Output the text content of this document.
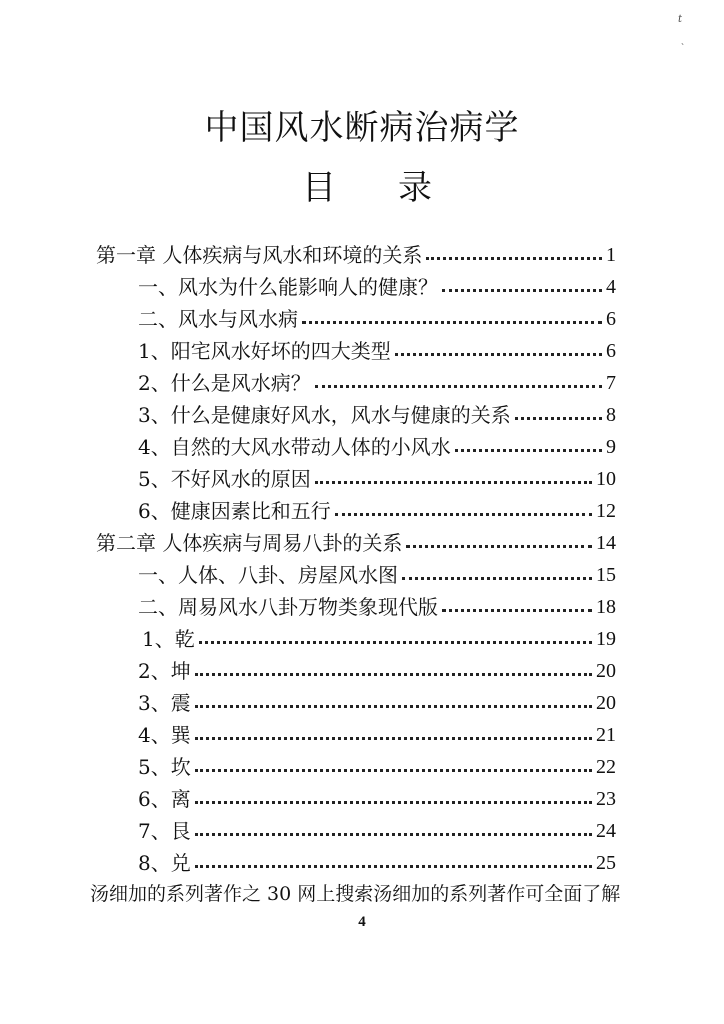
t
、
中国风水断病治病学
目 录
第一章 人体疾病与风水和环境的关系	1
一、风水为什么能影响人的健康？	4
二、风水与风水病	6
1、阳宅风水好坏的四大类型	6
2、什么是风水病？	7
3、什么是健康好风水，风水与健康的关系	8
4、自然的大风水带动人体的小风水	9
5、不好风水的原因	10
6、健康因素比和五行	12
第二章 人体疾病与周易八卦的关系	14
一、人体、八卦、房屋风水图	15
二、周易风水八卦万物类象现代版	18
1、乾	19
2、坤	20
3、震	20
4、巽	21
5、坎	22
6、离	23
7、艮	24
8、兑	25
汤细加的系列著作之 30 网上搜索汤细加的系列著作可全面了解
4
